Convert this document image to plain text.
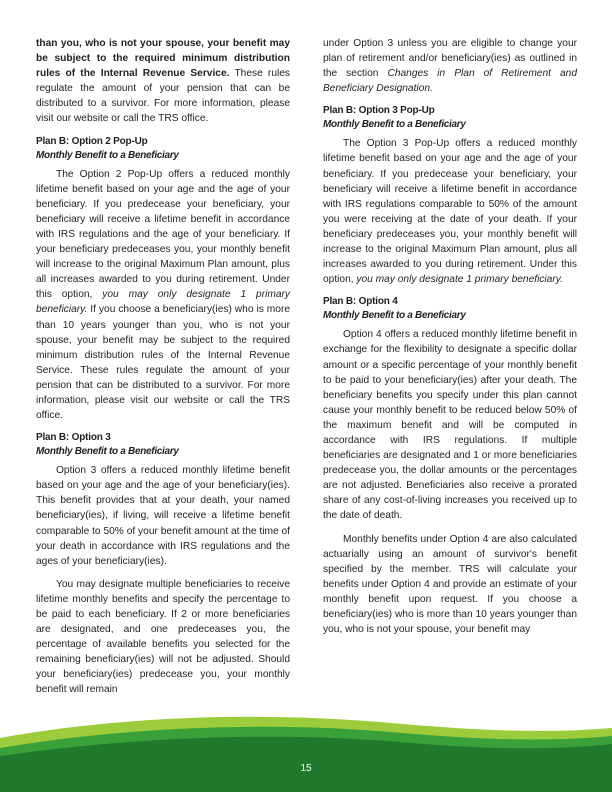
than you, who is not your spouse, your benefit may be subject to the required minimum distribution rules of the Internal Revenue Service. These rules regulate the amount of your pension that can be distributed to a survivor. For more information, please visit our website or call the TRS office.

Plan B: Option 2 Pop-Up
Monthly Benefit to a Beneficiary

The Option 2 Pop-Up offers a reduced monthly lifetime benefit based on your age and the age of your beneficiary. If you predecease your beneficiary, your beneficiary will receive a lifetime benefit in accordance with IRS regulations and the age of your beneficiary. If your beneficiary predeceases you, your monthly benefit will increase to the original Maximum Plan amount, plus all increases awarded to you during retirement. Under this option, you may only designate 1 primary beneficiary. If you choose a beneficiary(ies) who is more than 10 years younger than you, who is not your spouse, your benefit may be subject to the required minimum distribution rules of the Internal Revenue Service. These rules regulate the amount of your pension that can be distributed to a survivor. For more information, please visit our website or call the TRS office.

Plan B: Option 3
Monthly Benefit to a Beneficiary

Option 3 offers a reduced monthly lifetime benefit based on your age and the age of your beneficiary(ies). This benefit provides that at your death, your named beneficiary(ies), if living, will receive a lifetime benefit comparable to 50% of your benefit amount at the time of your death in accordance with IRS regulations and the ages of your beneficiary(ies).

You may designate multiple beneficiaries to receive lifetime monthly benefits and specify the percentage to be paid to each beneficiary. If 2 or more beneficiaries are designated, and one predeceases you, the percentage of available benefits you selected for the remaining beneficiary(ies) will not be adjusted. Should your beneficiary(ies) predecease you, your monthly benefit will remain

under Option 3 unless you are eligible to change your plan of retirement and/or beneficiary(ies) as outlined in the section Changes in Plan of Retirement and Beneficiary Designation.

Plan B: Option 3 Pop-Up
Monthly Benefit to a Beneficiary

The Option 3 Pop-Up offers a reduced monthly lifetime benefit based on your age and the age of your beneficiary. If you predecease your beneficiary, your beneficiary will receive a lifetime benefit in accordance with IRS regulations comparable to 50% of the amount you were receiving at the date of your death. If your beneficiary predeceases you, your monthly benefit will increase to the original Maximum Plan amount, plus all increases awarded to you during retirement. Under this option, you may only designate 1 primary beneficiary.

Plan B: Option 4
Monthly Benefit to a Beneficiary

Option 4 offers a reduced monthly lifetime benefit in exchange for the flexibility to designate a specific dollar amount or a specific percentage of your monthly benefit to be paid to your beneficiary(ies) after your death. The beneficiary benefits you specify under this plan cannot cause your monthly benefit to be reduced below 50% of the maximum benefit and will be computed in accordance with IRS regulations. If multiple beneficiaries are designated and 1 or more beneficiaries predecease you, the dollar amounts or the percentages are not adjusted. Beneficiaries also receive a prorated share of any cost-of-living increases you received up to the date of death.

Monthly benefits under Option 4 are also calculated actuarially using an amount of survivor's benefit specified by the member. TRS will calculate your benefits under Option 4 and provide an estimate of your monthly benefit upon request. If you choose a beneficiary(ies) who is more than 10 years younger than you, who is not your spouse, your benefit may

15
